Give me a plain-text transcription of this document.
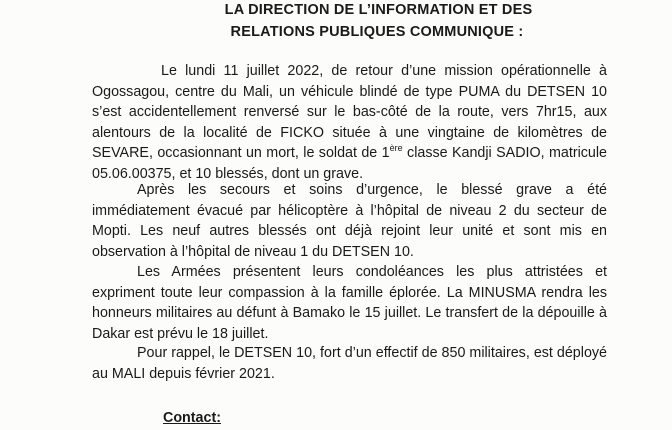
LA DIRECTION DE L’INFORMATION ET DES
RELATIONS PUBLIQUES COMMUNIQUE :

Le lundi 11 juillet 2022, de retour d’une mission opérationnelle à Ogossagou, centre du Mali, un véhicule blindé de type PUMA du DETSEN 10 s’est accidentellement renversé sur le bas-côté de la route, vers 7hr15, aux alentours de la localité de FICKO située à une vingtaine de kilomètres de SEVARE, occasionnant un mort, le soldat de 1ère classe Kandji SADIO, matricule 05.06.00375, et 10 blessés, dont un grave.

Après les secours et soins d’urgence, le blessé grave a été immédiatement évacué par hélicoptère à l’hôpital de niveau 2 du secteur de Mopti. Les neuf autres blessés ont déjà rejoint leur unité et sont mis en observation à l’hôpital de niveau 1 du DETSEN 10.

Les Armées présentent leurs condoléances les plus attristées et expriment toute leur compassion à la famille éplorée. La MINUSMA rendra les honneurs militaires au défunt à Bamako le 15 juillet. Le transfert de la dépouille à Dakar est prévu le 18 juillet.

Pour rappel, le DETSEN 10, fort d’un effectif de 850 militaires, est déployé au MALI depuis février 2021.

Contact:
